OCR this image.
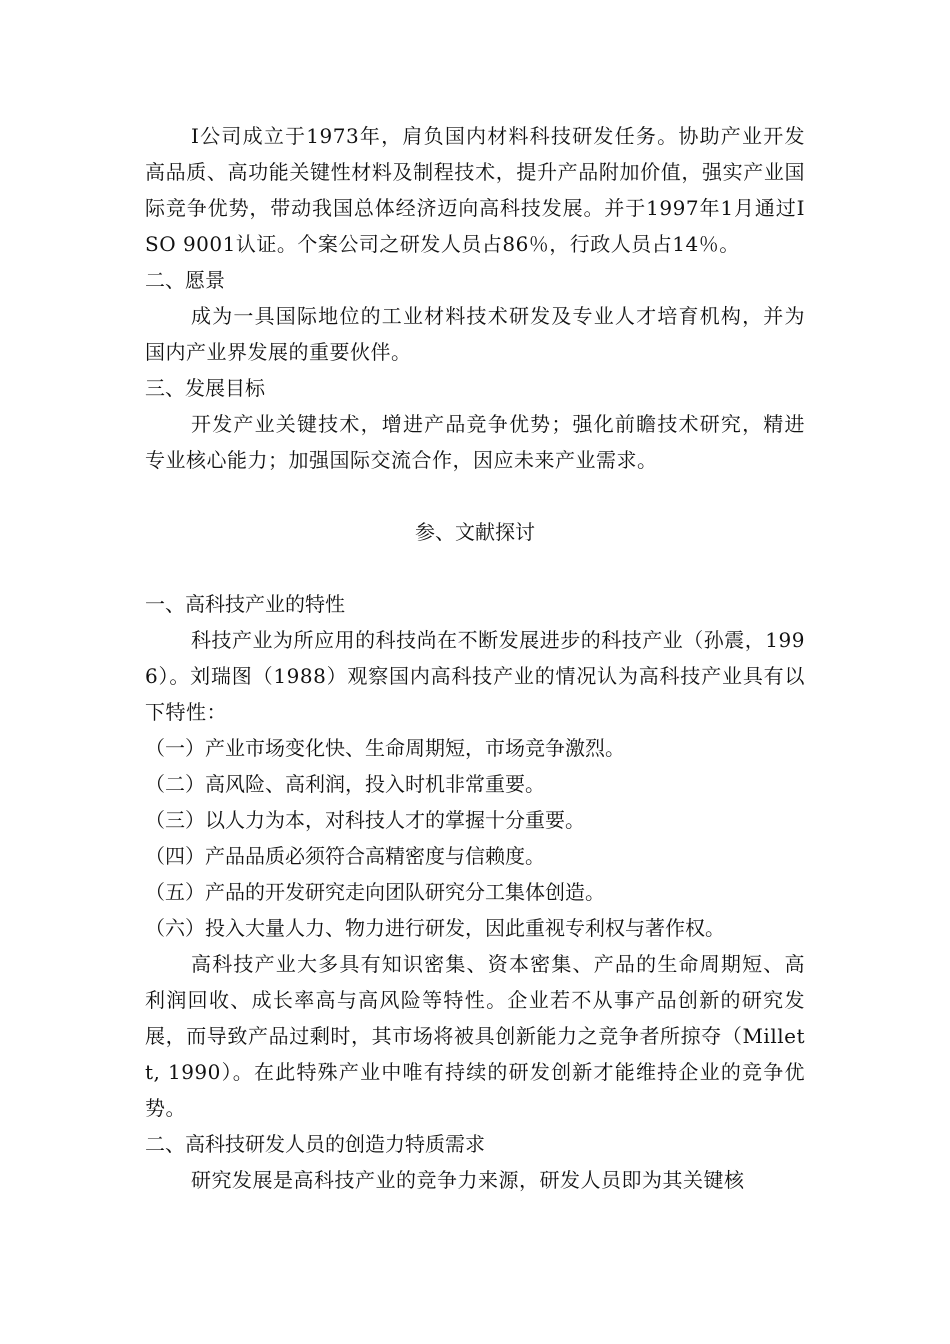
I公司成立于1973年，肩负国内材料科技研发任务。协助产业开发高品质、高功能关键性材料及制程技术，提升产品附加价值，强实产业国际竞争优势，带动我国总体经济迈向高科技发展。并于1997年1月通过ISO 9001认证。个案公司之研发人员占86％，行政人员占14％。

二、愿景

成为一具国际地位的工业材料技术研发及专业人才培育机构，并为国内产业界发展的重要伙伴。

三、发展目标

开发产业关键技术，增进产品竞争优势；强化前瞻技术研究，精进专业核心能力；加强国际交流合作，因应未来产业需求。

参、文献探讨

一、高科技产业的特性

科技产业为所应用的科技尚在不断发展进步的科技产业（孙震，1996）。刘瑞图（1988）观察国内高科技产业的情况认为高科技产业具有以下特性：

（一）产业市场变化快、生命周期短，市场竞争激烈。

（二）高风险、高利润，投入时机非常重要。

（三）以人力为本，对科技人才的掌握十分重要。

（四）产品品质必须符合高精密度与信赖度。

（五）产品的开发研究走向团队研究分工集体创造。

（六）投入大量人力、物力进行研发，因此重视专利权与著作权。

高科技产业大多具有知识密集、资本密集、产品的生命周期短、高利润回收、成长率高与高风险等特性。企业若不从事产品创新的研究发展，而导致产品过剩时，其市场将被具创新能力之竞争者所掠夺（Millett, 1990）。在此特殊产业中唯有持续的研发创新才能维持企业的竞争优势。

二、高科技研发人员的创造力特质需求

研究发展是高科技产业的竞争力来源，研发人员即为其关键核
